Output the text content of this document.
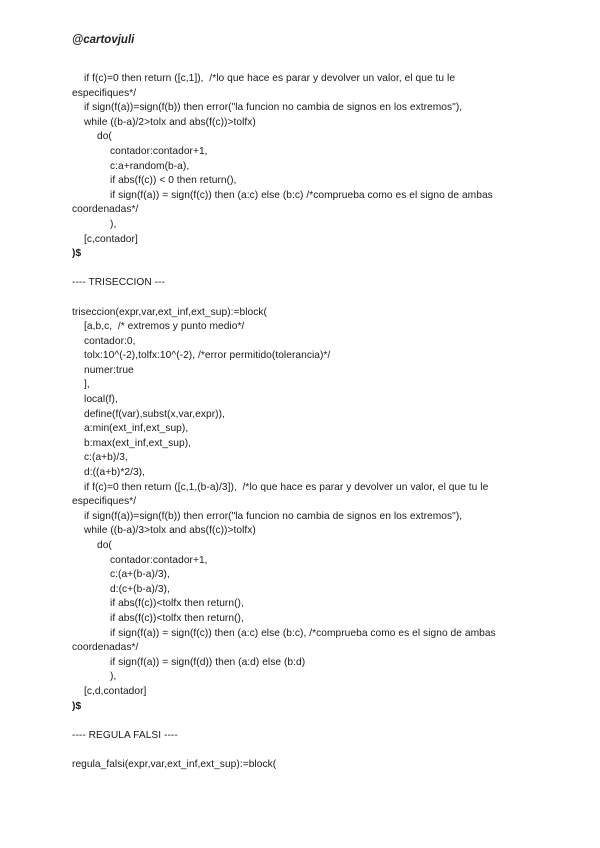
@cartovjuli
if f(c)=0 then return ([c,1]),  /*lo que hace es parar y devolver un valor, el que tu le
especifiques*/
if sign(f(a))=sign(f(b)) then error("la funcion no cambia de signos en los extremos"),
while ((b-a)/2>tolx and abs(f(c))>tolfx)
do(
contador:contador+1,
c:a+random(b-a),
if abs(f(c)) < 0 then return(),
if sign(f(a)) = sign(f(c)) then (a:c) else (b:c) /*comprueba como es el signo de ambas
coordenadas*/
),
[c,contador]
)$
---- TRISECCION ---
triseccion(expr,var,ext_inf,ext_sup):=block(
[a,b,c,  /* extremos y punto medio*/
contador:0,
tolx:10^(-2),tolfx:10^(-2), /*error permitido(tolerancia)*/
numer:true
],
local(f),
define(f(var),subst(x,var,expr)),
a:min(ext_inf,ext_sup),
b:max(ext_inf,ext_sup),
c:(a+b)/3,
d:((a+b)*2/3),
if f(c)=0 then return ([c,1,(b-a)/3]),  /*lo que hace es parar y devolver un valor, el que tu le
especifiques*/
if sign(f(a))=sign(f(b)) then error("la funcion no cambia de signos en los extremos"),
while ((b-a)/3>tolx and abs(f(c))>tolfx)
do(
contador:contador+1,
c:(a+(b-a)/3),
d:(c+(b-a)/3),
if abs(f(c))<tolfx then return(),
if abs(f(c))<tolfx then return(),
if sign(f(a)) = sign(f(c)) then (a:c) else (b:c), /*comprueba como es el signo de ambas
coordenadas*/
if sign(f(a)) = sign(f(d)) then (a:d) else (b:d)
),
[c,d,contador]
)$
---- REGULA FALSI ----
regula_falsi(expr,var,ext_inf,ext_sup):=block(
